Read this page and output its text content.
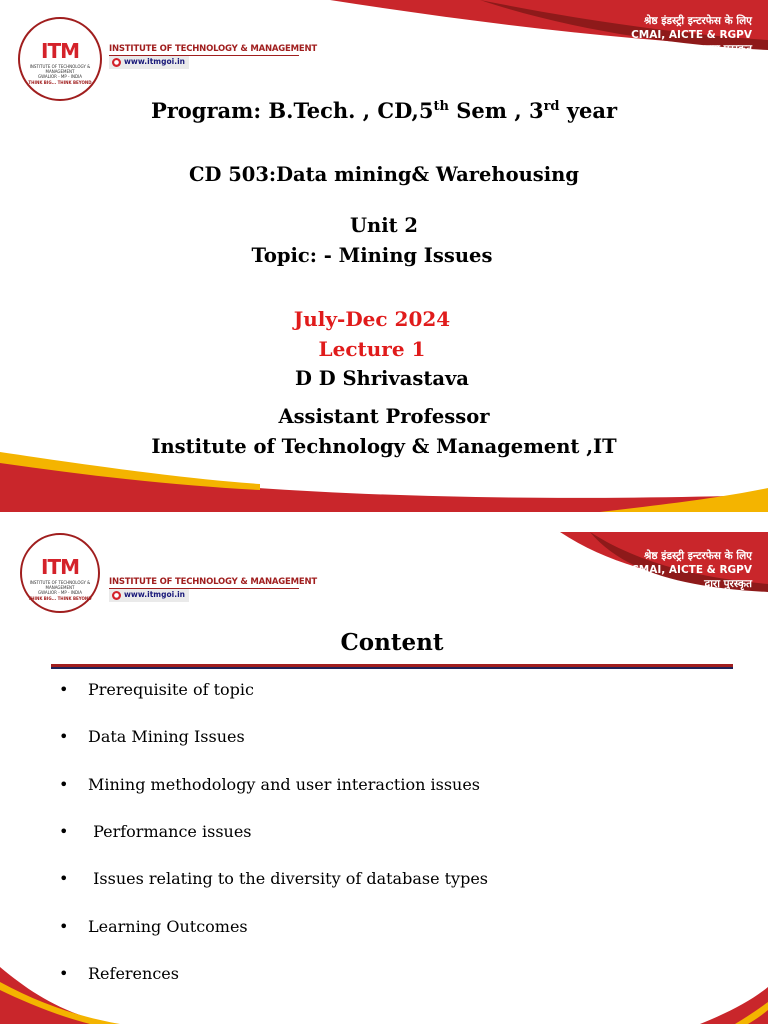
ITM
INSTITUTE OF TECHNOLOGY & MANAGEMENT
GWALIOR - MP - INDIA
THINK BIG... THINK BEYOND
INSTITUTE OF TECHNOLOGY & MANAGEMENT
● www.itmgoi.in
श्रेष्ठ इंडस्ट्री इन्टरफेस के लिए
CMAI, AICTE & RGPV
द्वारा पुरस्कृत
Program: B.Tech. , CD,5th Sem , 3rd year
CD 503:Data mining& Warehousing
Unit 2
Topic: - Mining Issues
July-Dec 2024
Lecture 1
D D Shrivastava
Assistant Professor
Institute of Technology & Management ,IT
ITM
INSTITUTE OF TECHNOLOGY & MANAGEMENT
GWALIOR - MP - INDIA
THINK BIG... THINK BEYOND
INSTITUTE OF TECHNOLOGY & MANAGEMENT
● www.itmgoi.in
श्रेष्ठ इंडस्ट्री इन्टरफेस के लिए
CMAI, AICTE & RGPV
द्वारा पुरस्कृत
Content
• Prerequisite of topic
• Data Mining Issues
• Mining methodology and user interaction issues
• Performance issues
• Issues relating to the diversity of database types
• Learning Outcomes
• References
